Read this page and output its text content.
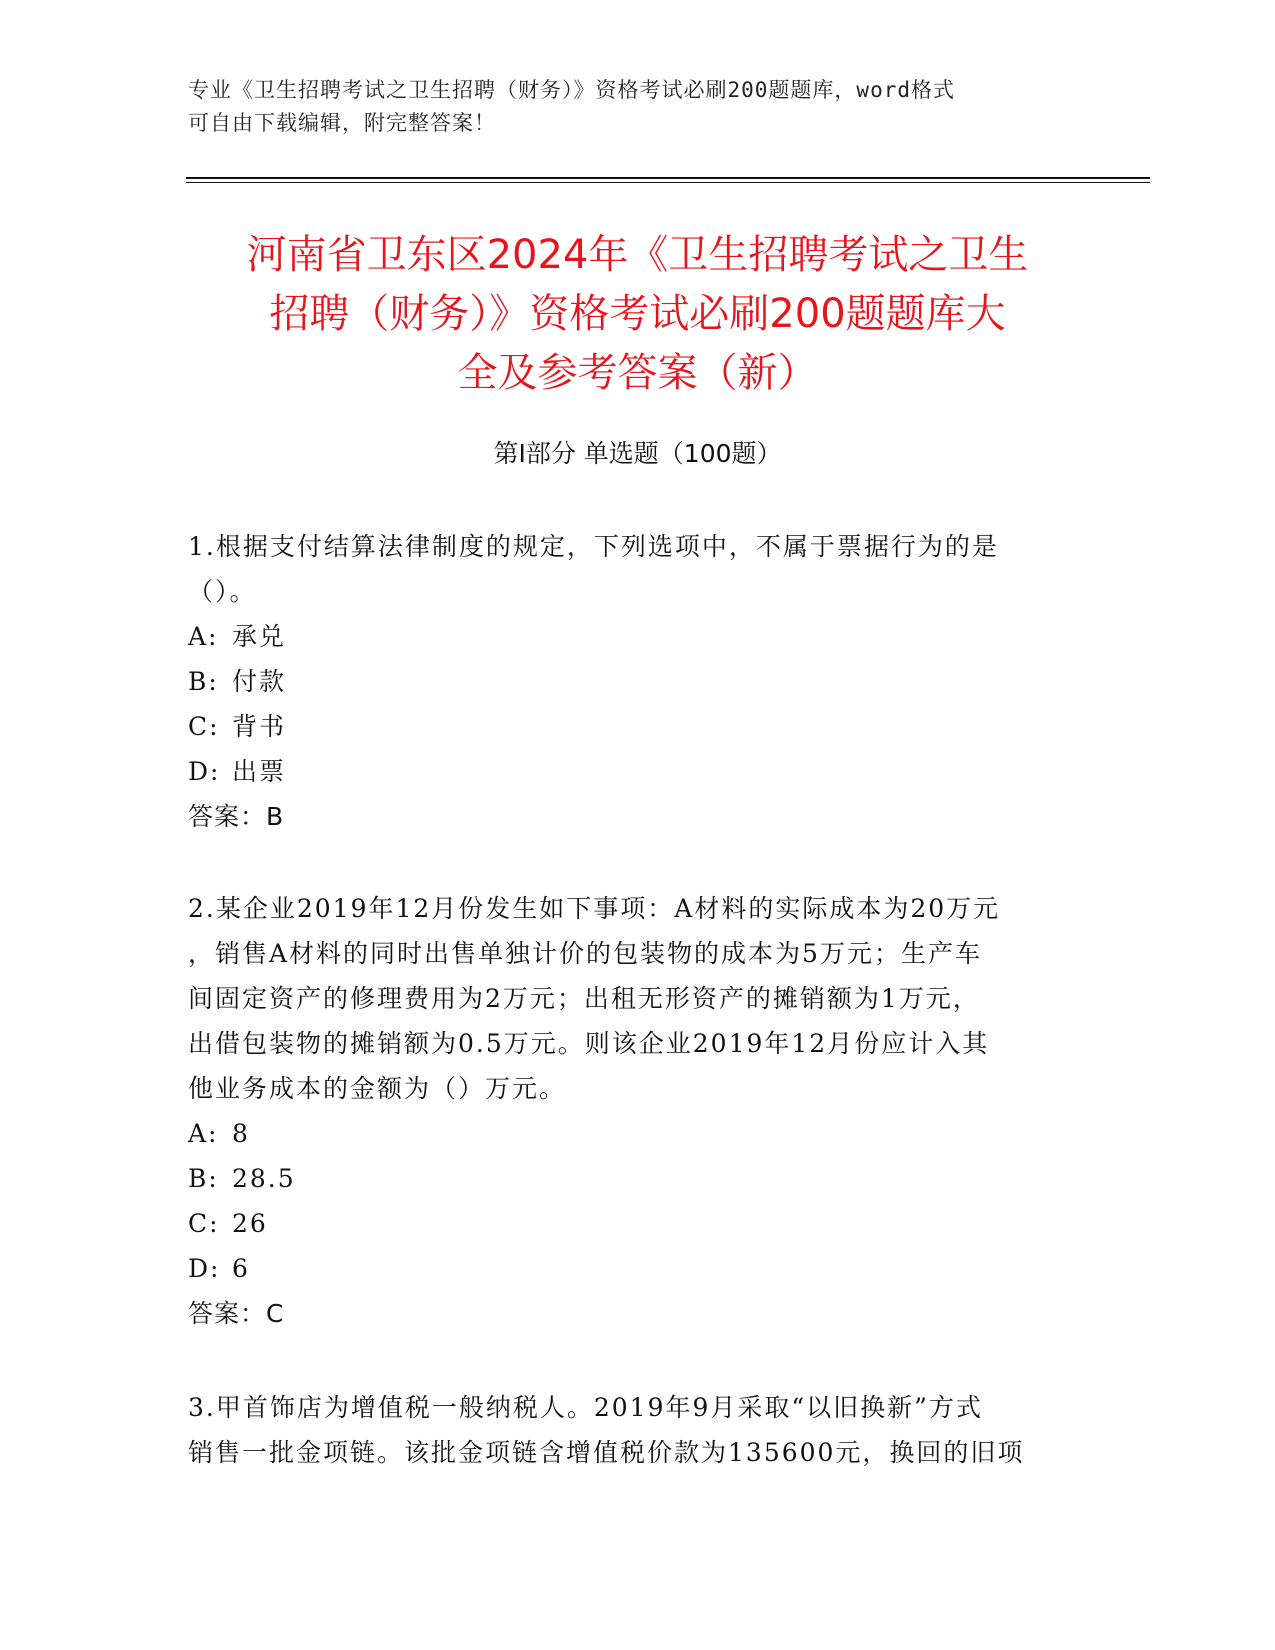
专业《卫生招聘考试之卫生招聘（财务）》资格考试必刷200题题库，word格式
可自由下载编辑，附完整答案！
河南省卫东区2024年《卫生招聘考试之卫生
招聘（财务）》资格考试必刷200题题库大
全及参考答案（新）
第Ⅰ部分 单选题（100题）
1.根据支付结算法律制度的规定，下列选项中，不属于票据行为的是
（）。
A: 承兑
B: 付款
C: 背书
D: 出票
答案：B
2.某企业2019年12月份发生如下事项：A材料的实际成本为20万元
，销售A材料的同时出售单独计价的包装物的成本为5万元；生产车
间固定资产的修理费用为2万元；出租无形资产的摊销额为1万元，
出借包装物的摊销额为0.5万元。则该企业2019年12月份应计入其
他业务成本的金额为（）万元。
A: 8
B: 28.5
C: 26
D: 6
答案：C
3.甲首饰店为增值税一般纳税人。2019年9月采取“以旧换新”方式
销售一批金项链。该批金项链含增值税价款为135600元，换回的旧项
